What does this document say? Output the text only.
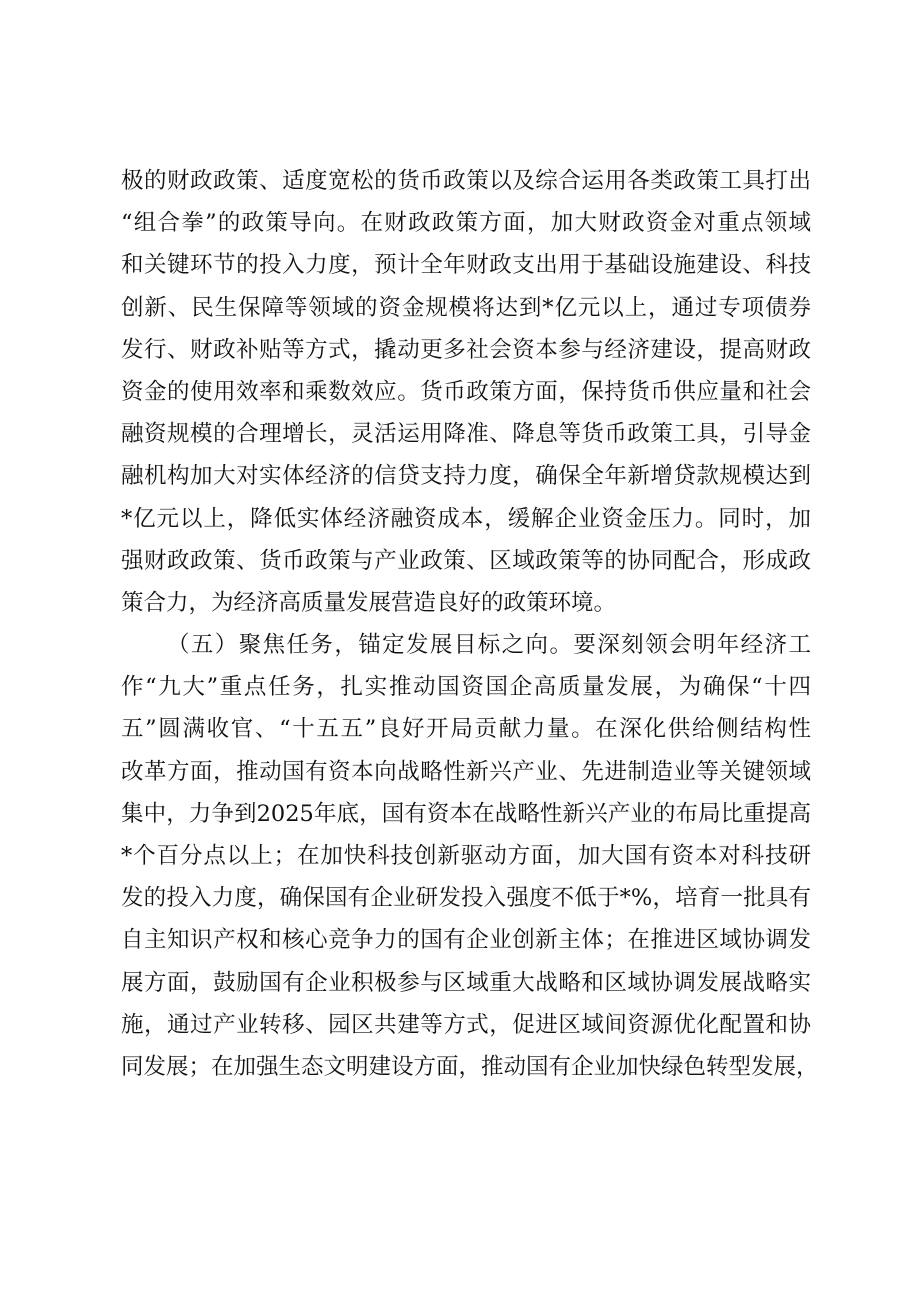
极的财政政策、适度宽松的货币政策以及综合运用各类政策工具打出
“组合拳”的政策导向。在财政政策方面，加大财政资金对重点领域
和关键环节的投入力度，预计全年财政支出用于基础设施建设、科技
创新、民生保障等领域的资金规模将达到*亿元以上，通过专项债券
发行、财政补贴等方式，撬动更多社会资本参与经济建设，提高财政
资金的使用效率和乘数效应。货币政策方面，保持货币供应量和社会
融资规模的合理增长，灵活运用降准、降息等货币政策工具，引导金
融机构加大对实体经济的信贷支持力度，确保全年新增贷款规模达到
*亿元以上，降低实体经济融资成本，缓解企业资金压力。同时，加
强财政政策、货币政策与产业政策、区域政策等的协同配合，形成政
策合力，为经济高质量发展营造良好的政策环境。
（五）聚焦任务，锚定发展目标之向。要深刻领会明年经济工
作“九大”重点任务，扎实推动国资国企高质量发展，为确保“十四
五”圆满收官、“十五五”良好开局贡献力量。在深化供给侧结构性
改革方面，推动国有资本向战略性新兴产业、先进制造业等关键领域
集中，力争到2025年底，国有资本在战略性新兴产业的布局比重提高
*个百分点以上；在加快科技创新驱动方面，加大国有资本对科技研
发的投入力度，确保国有企业研发投入强度不低于*%，培育一批具有
自主知识产权和核心竞争力的国有企业创新主体；在推进区域协调发
展方面，鼓励国有企业积极参与区域重大战略和区域协调发展战略实
施，通过产业转移、园区共建等方式，促进区域间资源优化配置和协
同发展；在加强生态文明建设方面，推动国有企业加快绿色转型发展，
